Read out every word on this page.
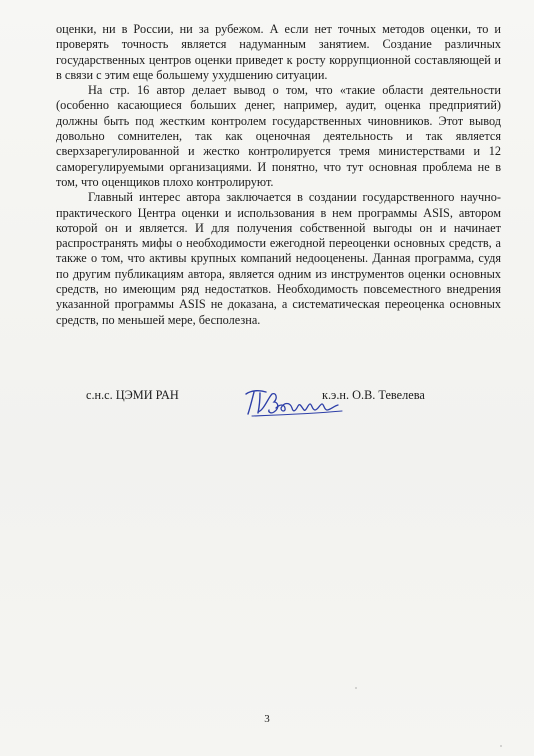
оценки, ни в России, ни за рубежом. А если нет точных методов оценки, то и проверять точность является надуманным занятием. Создание различных государственных центров оценки приведет к росту коррупционной составляющей и в связи с этим еще большему ухудшению ситуации.

На стр. 16 автор делает вывод о том, что «такие области деятельности (особенно касающиеся больших денег, например, аудит, оценка предприятий) должны быть под жестким контролем государственных чиновников. Этот вывод довольно сомнителен, так как оценочная деятельность и так является сверхзарегулированной и жестко контролируется тремя министерствами и 12 саморегулируемыми организациями. И понятно, что тут основная проблема не в том, что оценщиков плохо контролируют.

Главный интерес автора заключается в создании государственного научно-практического Центра оценки и использования в нем программы ASIS, автором которой он и является. И для получения собственной выгоды он и начинает распространять мифы о необходимости ежегодной переоценки основных средств, а также о том, что активы крупных компаний недооценены. Данная программа, судя по другим публикациям автора, является одним из инструментов оценки основных средств, но имеющим ряд недостатков. Необходимость повсеместного внедрения указанной программы ASIS не доказана, а систематическая переоценка основных средств, по меньшей мере, бесполезна.

с.н.с. ЦЭМИ РАН	к.э.н. О.В. Тевелева
3
